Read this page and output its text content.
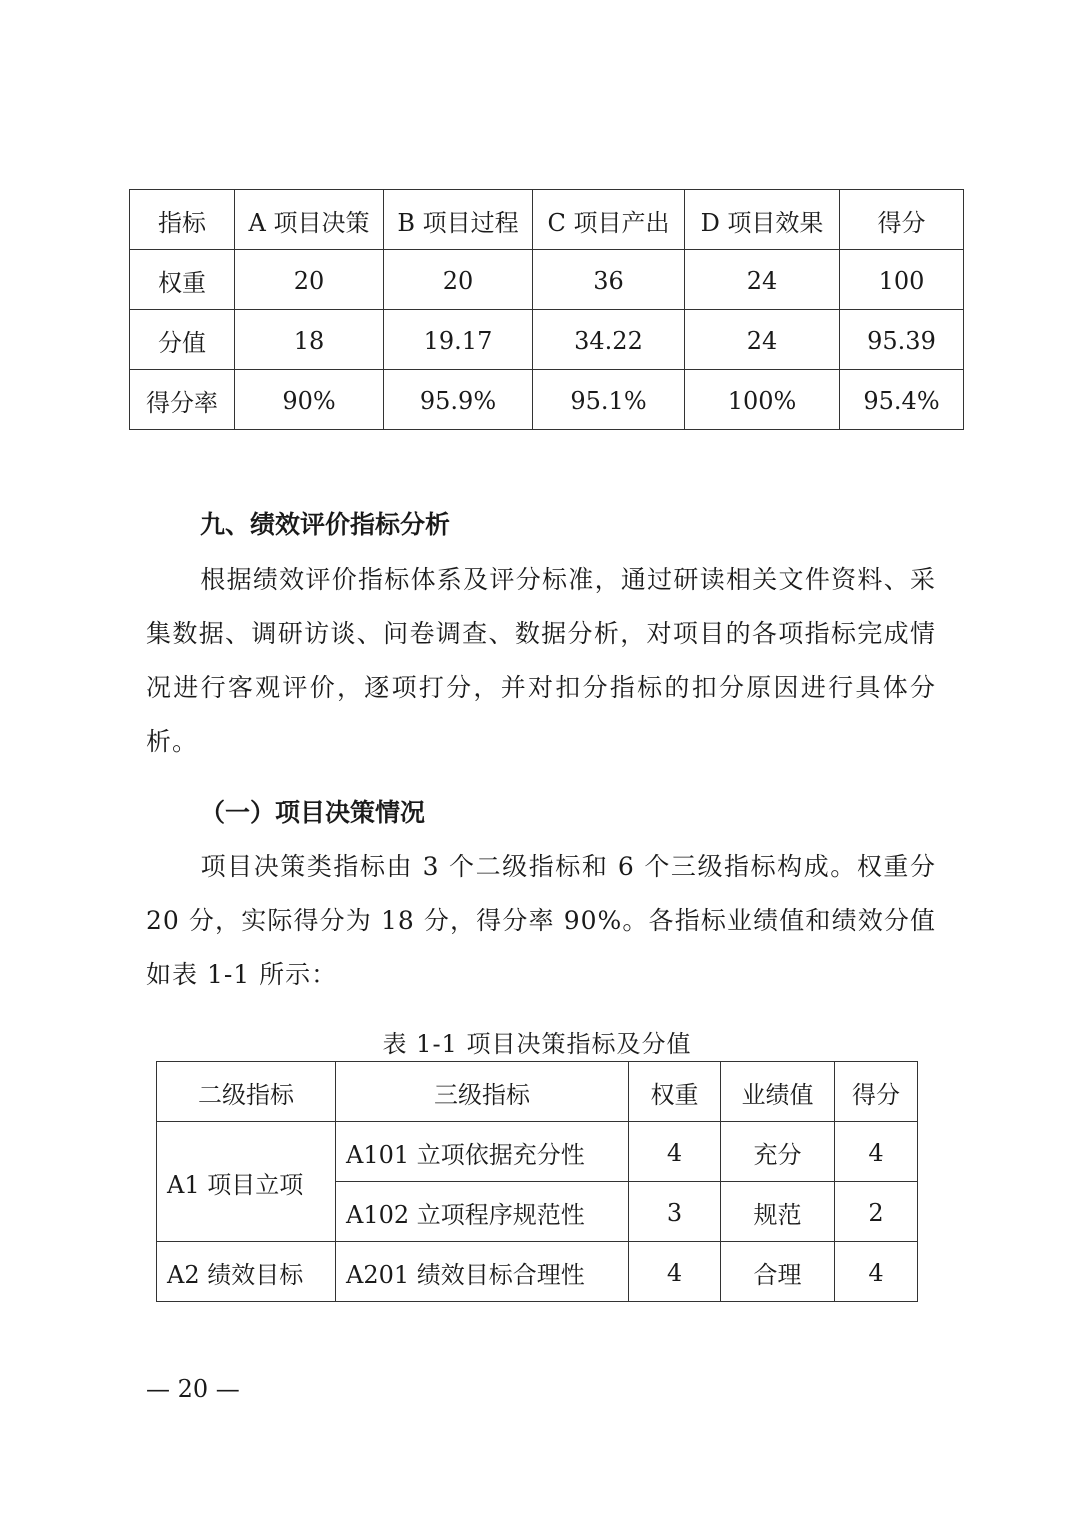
指标	A 项目决策	B 项目过程	C 项目产出	D 项目效果	得分
权重	20	20	36	24	100
分值	18	19.17	34.22	24	95.39
得分率	90%	95.9%	95.1%	100%	95.4%
九、绩效评价指标分析
根据绩效评价指标体系及评分标准，通过研读相关文件资料、采集数据、调研访谈、问卷调查、数据分析，对项目的各项指标完成情况进行客观评价，逐项打分，并对扣分指标的扣分原因进行具体分析。
（一）项目决策情况
项目决策类指标由 3 个二级指标和 6 个三级指标构成。权重分 20 分，实际得分为 18 分，得分率 90%。各指标业绩值和绩效分值如表 1-1 所示：
表 1-1 项目决策指标及分值
二级指标	三级指标	权重	业绩值	得分
A1 项目立项	A101 立项依据充分性	4	充分	4
	A102 立项程序规范性	3	规范	2
A2 绩效目标	A201 绩效目标合理性	4	合理	4
— 20 —
